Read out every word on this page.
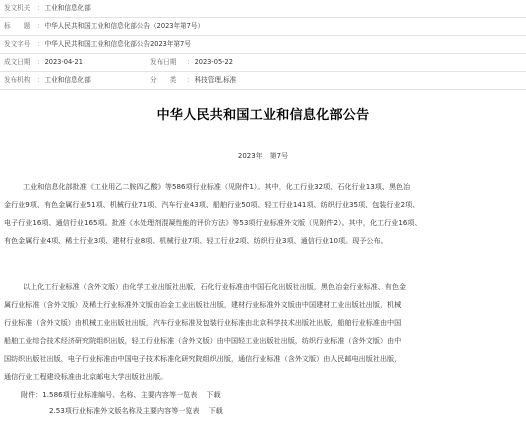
发文机关	： 工业和信息化部
标　　题	： 中华人民共和国工业和信息化部公告（2023年第7号）
发文字号	： 中华人民共和国工业和信息化部公告2023年第7号
成文日期	： 2023-04-21	发布日期	： 2023-05-22
发布机构	： 工业和信息化部	分　　类	： 科技管理,标准
中华人民共和国工业和信息化部公告
2023年　第7号
工业和信息化部批准《工业用乙二胺四乙酸》等586项行业标准（见附件1）。其中，化工行业32项、石化行业13项、黑色冶
金行业9项、有色金属行业51项、机械行业71项、汽车行业43项、船舶行业50项、轻工行业141项、纺织行业35项、包装行业2项、
电子行业16项、通信行业165项。批准《水处理剂混凝性能的评价方法》等53项行业标准外文版（见附件2）。其中，化工行业16项、
有色金属行业4项、稀土行业3项、建材行业8项、机械行业7项、轻工行业2项、纺织行业3项、通信行业10项。现予公布。
以上化工行业标准（含外文版）由化学工业出版社出版，石化行业标准由中国石化出版社出版，黑色冶金行业标准、有色金
属行业标准（含外文版）及稀土行业标准外文版由冶金工业出版社出版，建材行业标准外文版由中国建材工业出版社出版，机械
行业标准（含外文版）由机械工业出版社出版，汽车行业标准及包装行业标准由北京科学技术出版社出版，船舶行业标准由中国
船舶工业综合技术经济研究院组织出版，轻工行业标准（含外文版）由中国轻工业出版社出版，纺织行业标准（含外文版）由中
国纺织出版社出版，电子行业标准由中国电子技术标准化研究院组织出版，通信行业标准（含外文版）由人民邮电出版社出版，
通信行业工程建设标准由北京邮电大学出版社出版。
附件：1.586项行业标准编号、名称、主要内容等一览表 下载
2.53项行业标准外文版名称及主要内容等一览表 下载
